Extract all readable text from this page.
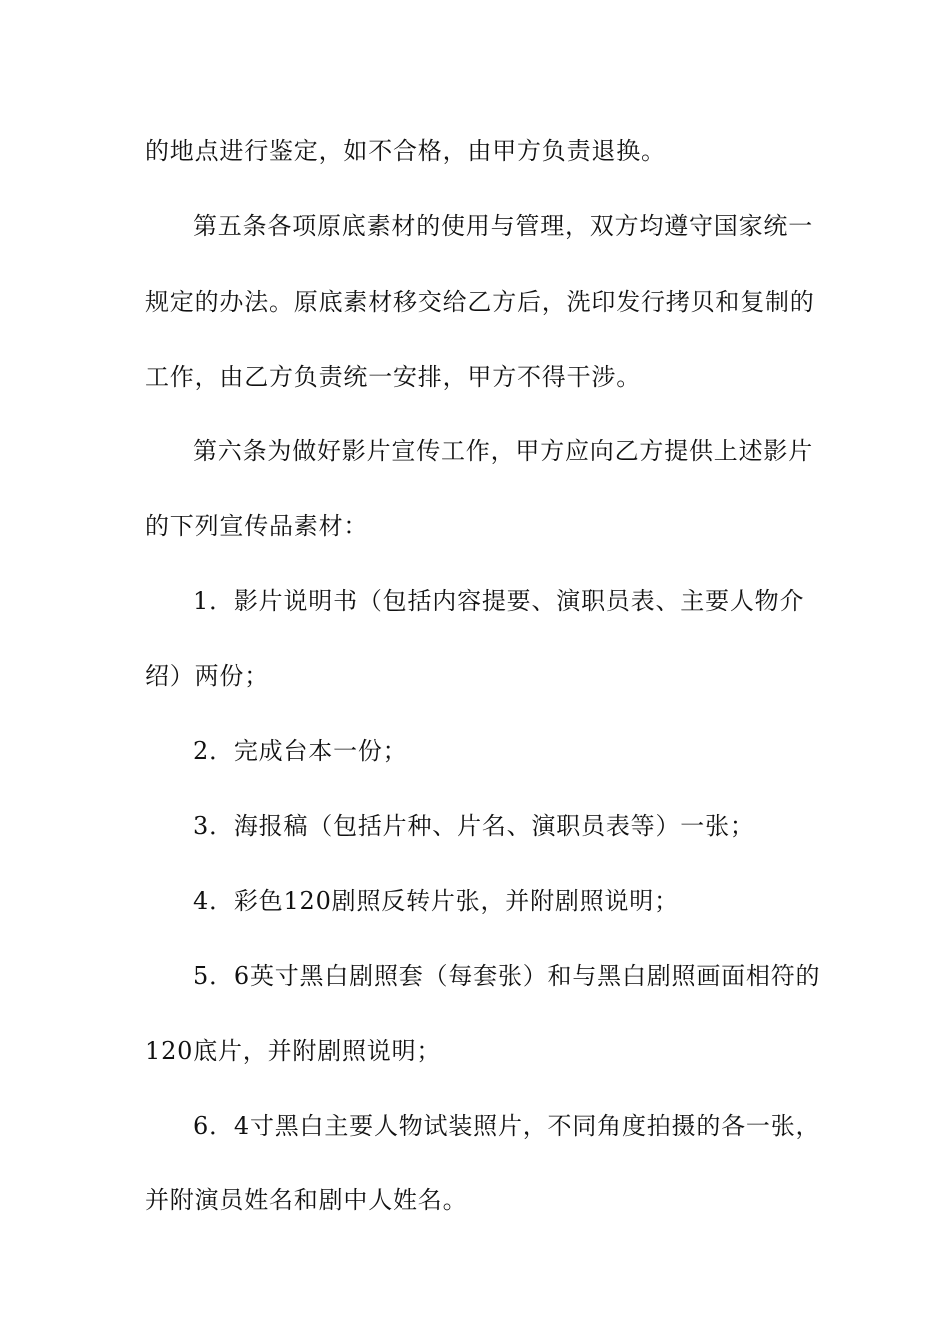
的地点进行鉴定，如不合格，由甲方负责退换。
第五条各项原底素材的使用与管理，双方均遵守国家统一
规定的办法。原底素材移交给乙方后，洗印发行拷贝和复制的
工作，由乙方负责统一安排，甲方不得干涉。
第六条为做好影片宣传工作，甲方应向乙方提供上述影片
的下列宣传品素材：
1．影片说明书（包括内容提要、演职员表、主要人物介
绍）两份；
2．完成台本一份；
3．海报稿（包括片种、片名、演职员表等）一张；
4．彩色120剧照反转片张，并附剧照说明；
5．6英寸黑白剧照套（每套张）和与黑白剧照画面相符的
120底片，并附剧照说明；
6．4寸黑白主要人物试装照片，不同角度拍摄的各一张，
并附演员姓名和剧中人姓名。
